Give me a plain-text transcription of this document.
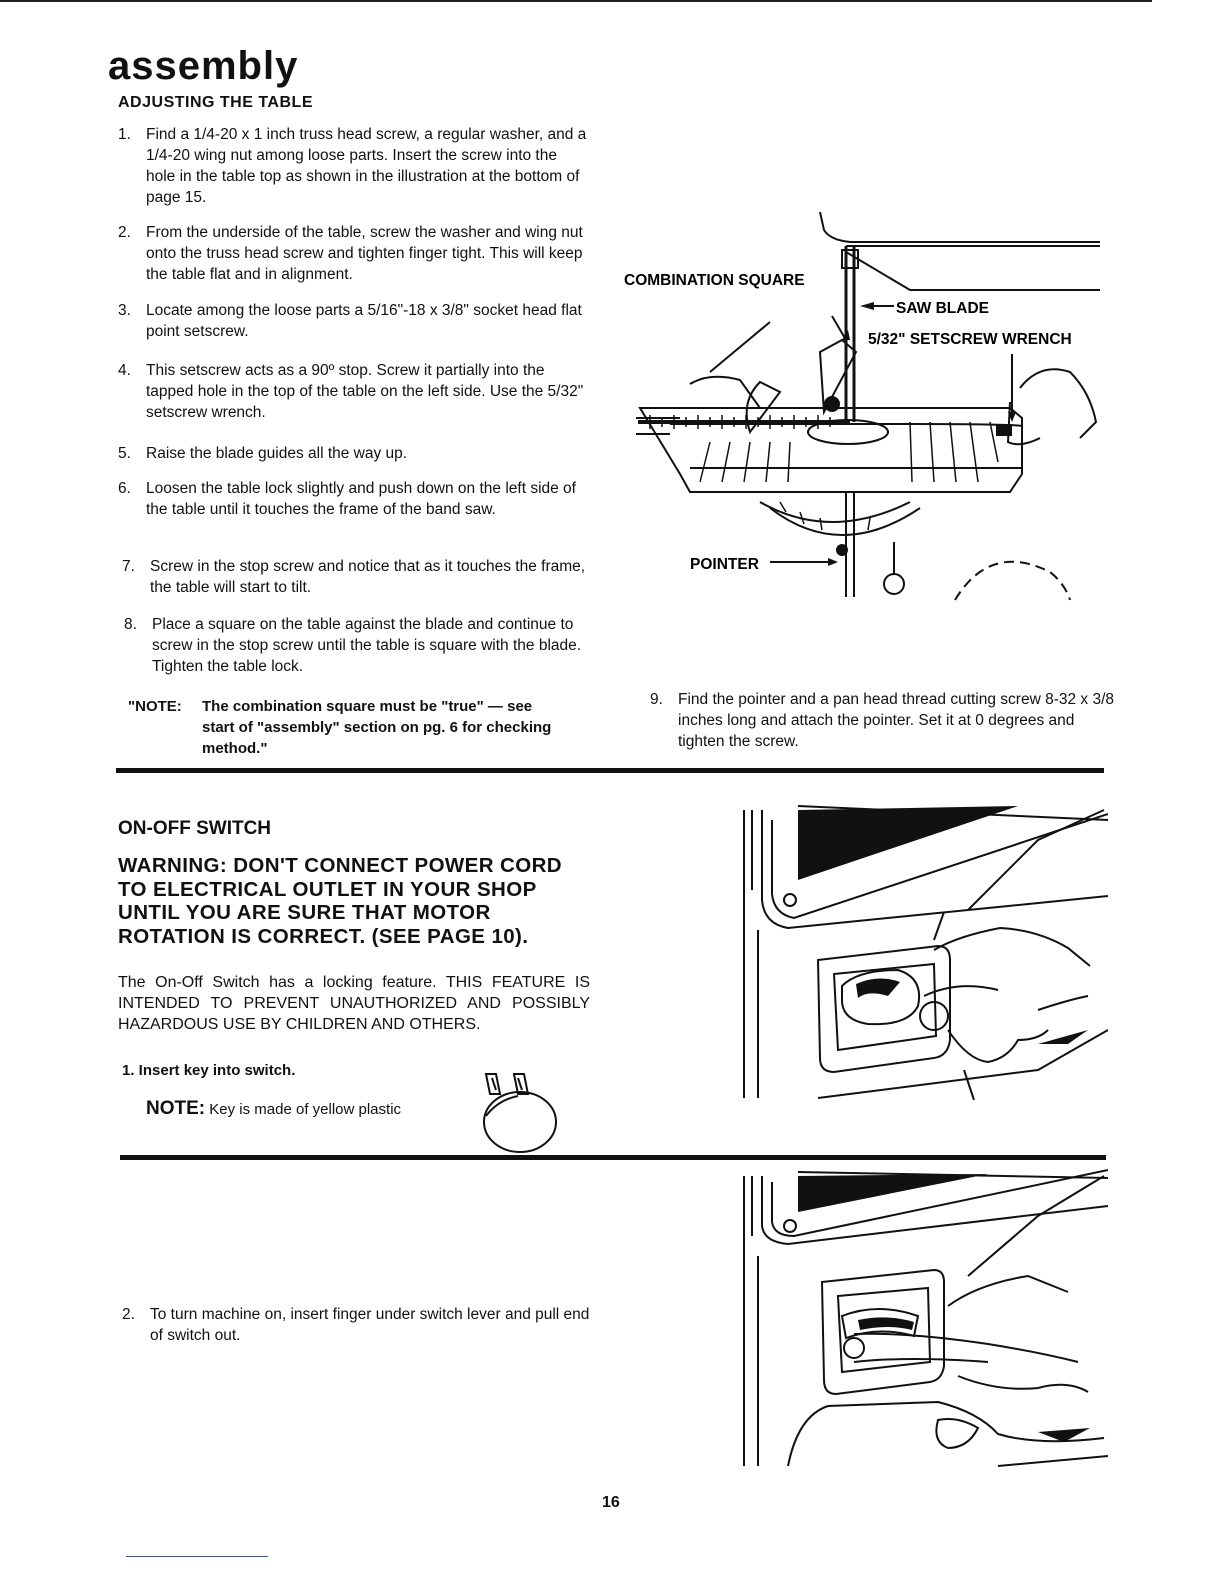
assembly
ADJUSTING THE TABLE
1. Find a 1/4-20 x 1 inch truss head screw, a regular washer, and a 1/4-20 wing nut among loose parts. Insert the screw into the hole in the table top as shown in the illustration at the bottom of page 15.
2. From the underside of the table, screw the washer and wing nut onto the truss head screw and tighten finger tight. This will keep the table flat and in alignment.
3. Locate among the loose parts a 5/16"-18 x 3/8" socket head flat point setscrew.
4. This setscrew acts as a 90º stop. Screw it partially into the tapped hole in the top of the table on the left side. Use the 5/32" setscrew wrench.
5. Raise the blade guides all the way up.
6. Loosen the table lock slightly and push down on the left side of the table until it touches the frame of the band saw.
7. Screw in the stop screw and notice that as it touches the frame, the table will start to tilt.
8. Place a square on the table against the blade and continue to screw in the stop screw until the table is square with the blade. Tighten the table lock.
"NOTE:	The combination square must be "true" — see
start of "assembly" section on pg. 6 for checking
method."
COMBINATION SQUARE
SAW BLADE
5/32" SETSCREW WRENCH
POINTER
9. Find the pointer and a pan head thread cutting screw 8-32 x 3/8 inches long and attach the pointer. Set it at 0 degrees and tighten the screw.
ON-OFF SWITCH
WARNING: DON'T CONNECT POWER CORD TO ELECTRICAL OUTLET IN YOUR SHOP UNTIL YOU ARE SURE THAT MOTOR ROTATION IS CORRECT. (SEE PAGE 10).
The On-Off Switch has a locking feature. THIS FEATURE IS INTENDED TO PREVENT UNAUTHORIZED AND POSSIBLY HAZARDOUS USE BY CHILDREN AND OTHERS.
1. Insert key into switch.
NOTE: Key is made of yellow plastic
2. To turn machine on, insert finger under switch lever and pull end of switch out.
16
